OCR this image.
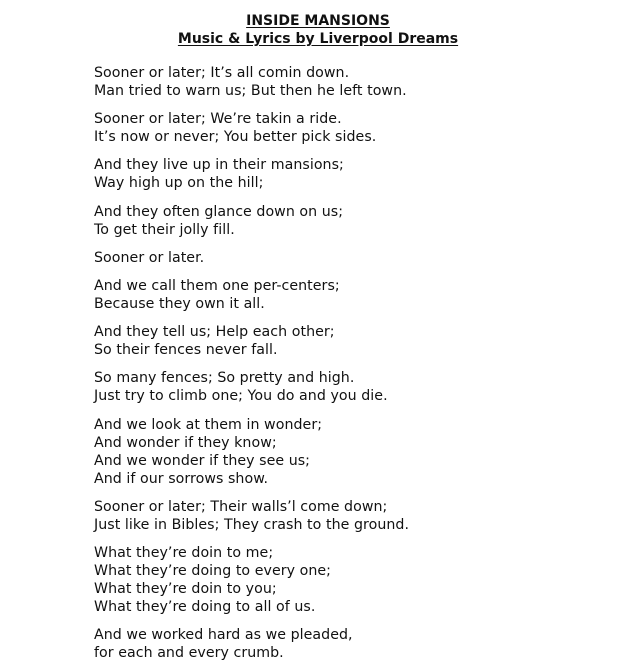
INSIDE MANSIONS
Music & Lyrics by Liverpool Dreams
Sooner or later; It’s all comin down.
Man tried to warn us; But then he left town.
Sooner or later; We’re takin a ride.
It’s now or never; You better pick sides.
And they live up in their mansions;
Way high up on the hill;
And they often glance down on us;
To get their jolly fill.
Sooner or later.
And we call them one per-centers;
Because they own it all.
And they tell us; Help each other;
So their fences never fall.
So many fences; So pretty and high.
Just try to climb one; You do and you die.
And we look at them in wonder;
And wonder if they know;
And we wonder if they see us;
And if our sorrows show.
Sooner or later; Their walls’l come down;
Just like in Bibles; They crash to the ground.
What they’re doin to me;
What they’re doing to every one;
What they’re doin to you;
What they’re doing to all of us.
And we worked hard as we pleaded,
for each and every crumb.
